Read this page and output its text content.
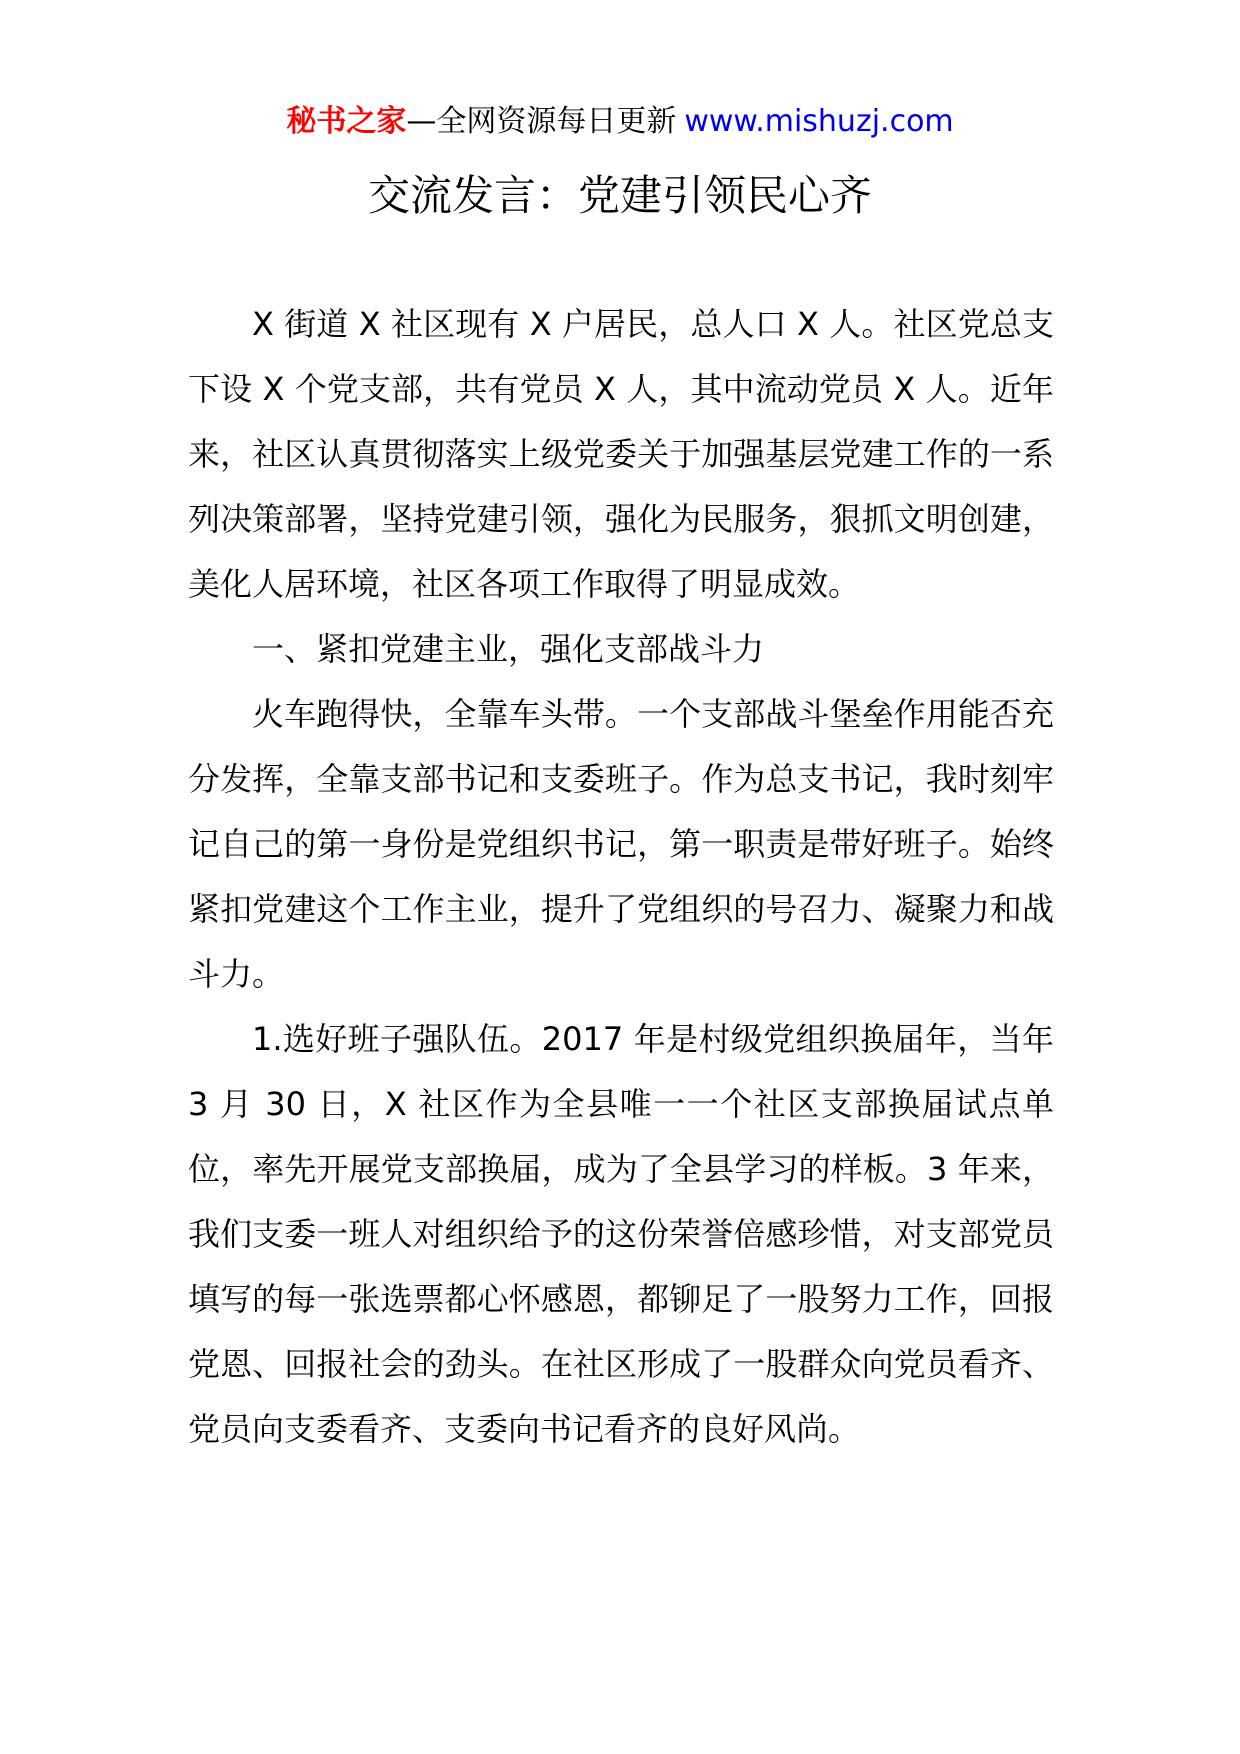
秘书之家—全网资源每日更新 www.mishuzj.com
交流发言：党建引领民心齐

X 街道 X 社区现有 X 户居民，总人口 X 人。社区党总支下设 X 个党支部，共有党员 X 人，其中流动党员 X 人。近年来，社区认真贯彻落实上级党委关于加强基层党建工作的一系列决策部署，坚持党建引领，强化为民服务，狠抓文明创建，美化人居环境，社区各项工作取得了明显成效。

一、紧扣党建主业，强化支部战斗力

火车跑得快，全靠车头带。一个支部战斗堡垒作用能否充分发挥，全靠支部书记和支委班子。作为总支书记，我时刻牢记自己的第一身份是党组织书记，第一职责是带好班子。始终紧扣党建这个工作主业，提升了党组织的号召力、凝聚力和战斗力。

1.选好班子强队伍。2017 年是村级党组织换届年，当年 3 月 30 日，X 社区作为全县唯一一个社区支部换届试点单位，率先开展党支部换届，成为了全县学习的样板。3 年来，我们支委一班人对组织给予的这份荣誉倍感珍惜，对支部党员填写的每一张选票都心怀感恩，都铆足了一股努力工作，回报党恩、回报社会的劲头。在社区形成了一股群众向党员看齐、党员向支委看齐、支委向书记看齐的良好风尚。
